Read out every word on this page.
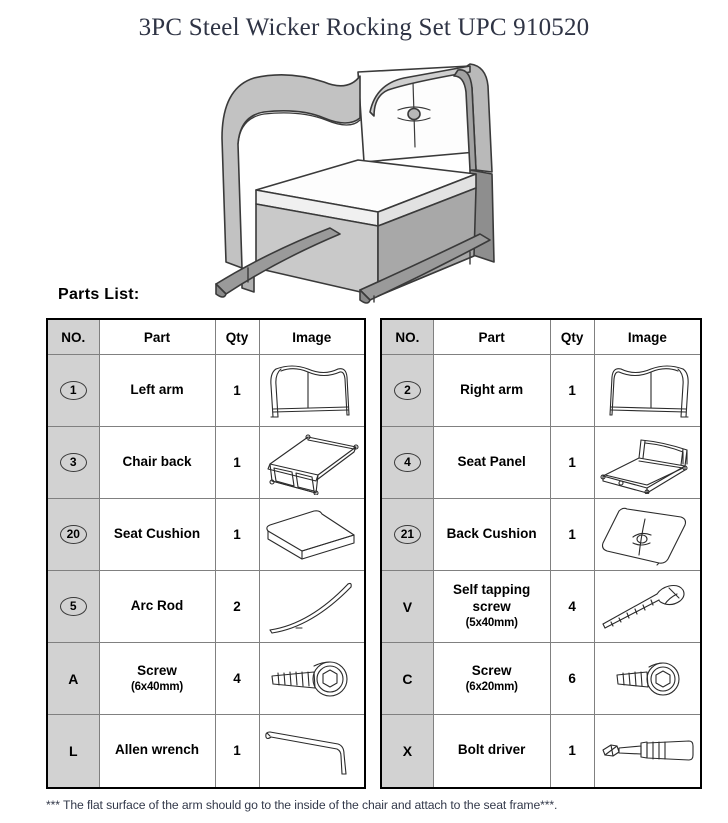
3PC Steel Wicker Rocking Set UPC 910520
Parts List:
NO.	Part	Qty	Image
1	Left arm	1	

3	Chair back	1	

20	Seat Cushion	1	

5	Arc Rod	2	

A	Screw
(6x40mm)	4	

L	Allen wrench	1	
NO.	Part	Qty	Image
2	Right arm	1	

4	Seat Panel	1	

21	Back Cushion	1	

V	Self tapping screw
(5x40mm)	4	

C	Screw
(6x20mm)	6	

X	Bolt driver	1	
*** The flat surface of the arm should go to the inside of the chair and attach to the seat frame***.
